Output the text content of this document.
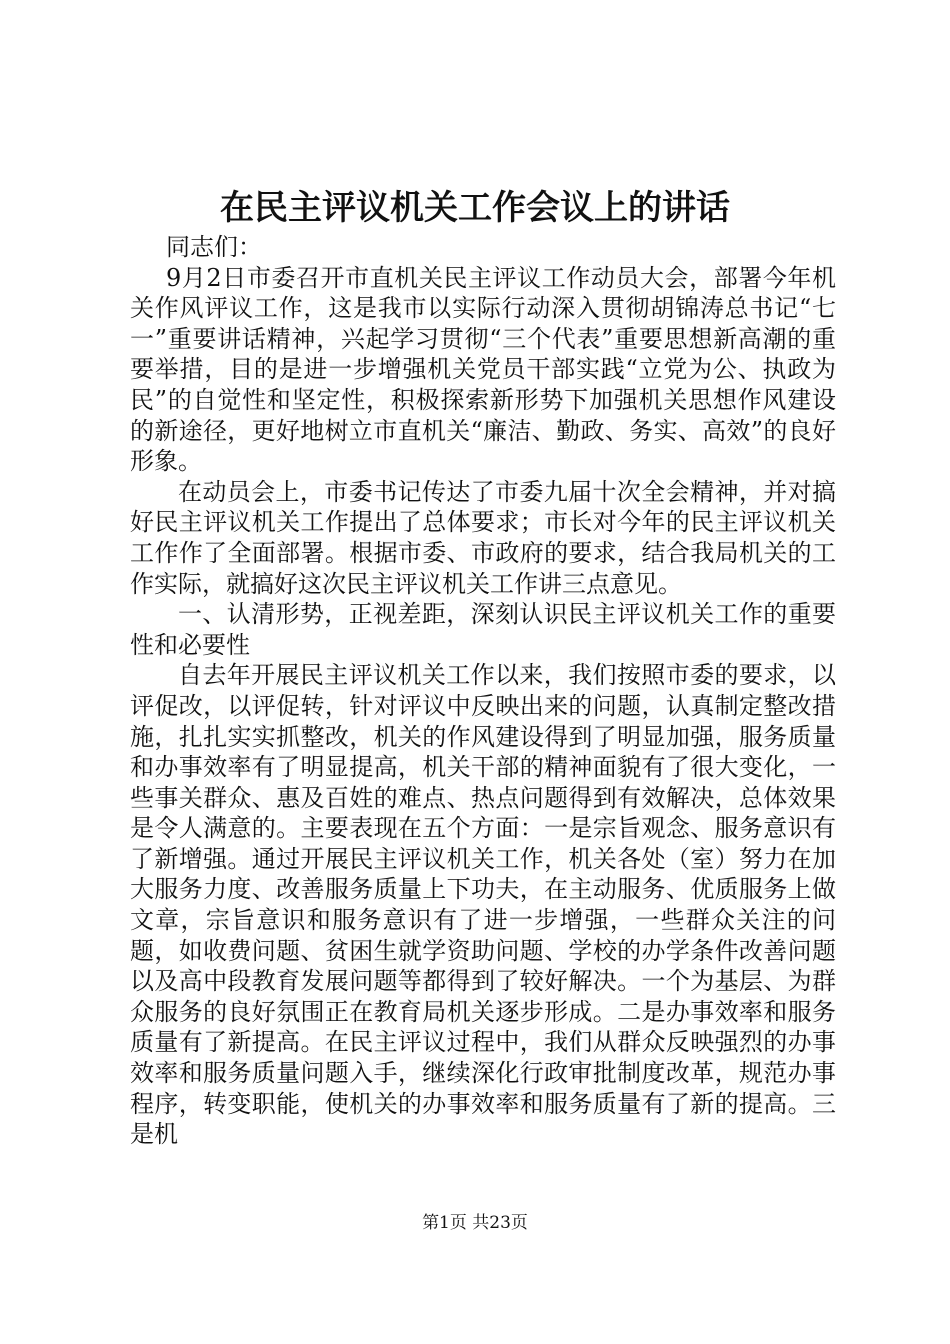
在民主评议机关工作会议上的讲话

同志们：

9月2日市委召开市直机关民主评议工作动员大会，部署今年机关作风评议工作，这是我市以实际行动深入贯彻胡锦涛总书记“七一”重要讲话精神，兴起学习贯彻“三个代表”重要思想新高潮的重要举措，目的是进一步增强机关党员干部实践“立党为公、执政为民”的自觉性和坚定性，积极探索新形势下加强机关思想作风建设的新途径，更好地树立市直机关“廉洁、勤政、务实、高效”的良好形象。

在动员会上，市委书记传达了市委九届十次全会精神，并对搞好民主评议机关工作提出了总体要求；市长对今年的民主评议机关工作作了全面部署。根据市委、市政府的要求，结合我局机关的工作实际，就搞好这次民主评议机关工作讲三点意见。

一、认清形势，正视差距，深刻认识民主评议机关工作的重要性和必要性

自去年开展民主评议机关工作以来，我们按照市委的要求，以评促改，以评促转，针对评议中反映出来的问题，认真制定整改措施，扎扎实实抓整改，机关的作风建设得到了明显加强，服务质量和办事效率有了明显提高，机关干部的精神面貌有了很大变化，一些事关群众、惠及百姓的难点、热点问题得到有效解决，总体效果是令人满意的。主要表现在五个方面：一是宗旨观念、服务意识有了新增强。通过开展民主评议机关工作，机关各处（室）努力在加大服务力度、改善服务质量上下功夫，在主动服务、优质服务上做文章，宗旨意识和服务意识有了进一步增强，一些群众关注的问题，如收费问题、贫困生就学资助问题、学校的办学条件改善问题以及高中段教育发展问题等都得到了较好解决。一个为基层、为群众服务的良好氛围正在教育局机关逐步形成。二是办事效率和服务质量有了新提高。在民主评议过程中，我们从群众反映强烈的办事效率和服务质量问题入手，继续深化行政审批制度改革，规范办事程序，转变职能，使机关的办事效率和服务质量有了新的提高。三是机

第1页 共23页
